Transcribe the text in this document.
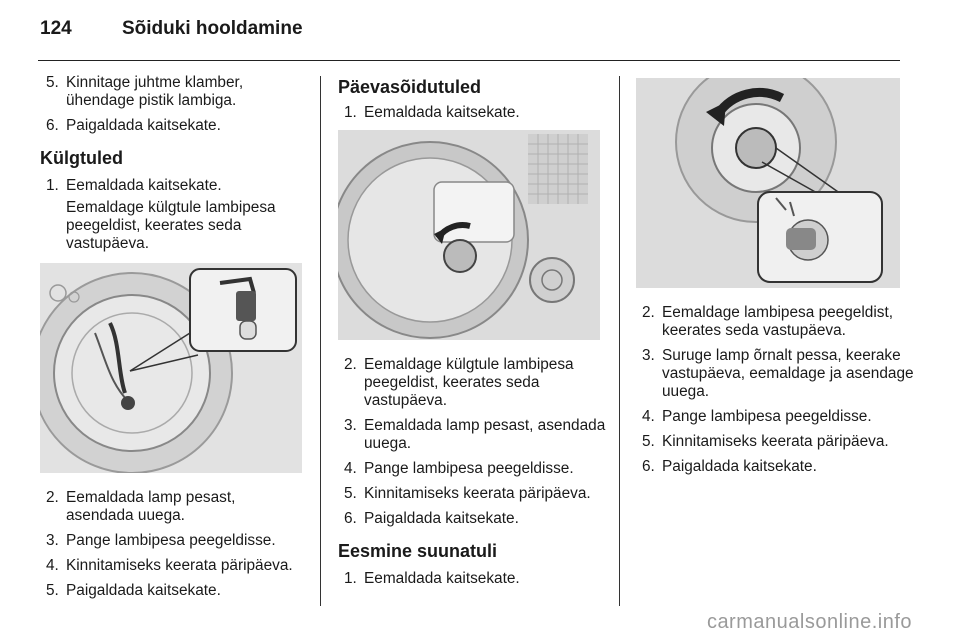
124	Sõiduki hooldamine
5. Kinnitage juhtme klamber, ühendage pistik lambiga.
6. Paigaldada kaitsekate.
Külgtuled
1. Eemaldada kaitsekate.
Eemaldage külgtule lambipesa peegeldist, keerates seda vastupäeva.
2. Eemaldada lamp pesast, asendada uuega.
3. Pange lambipesa peegeldisse.
4. Kinnitamiseks keerata päripäeva.
5. Paigaldada kaitsekate.
Päevasõidutuled
1. Eemaldada kaitsekate.
2. Eemaldage külgtule lambipesa peegeldist, keerates seda vastupäeva.
3. Eemaldada lamp pesast, asendada uuega.
4. Pange lambipesa peegeldisse.
5. Kinnitamiseks keerata päripäeva.
6. Paigaldada kaitsekate.
Eesmine suunatuli
1. Eemaldada kaitsekate.
2. Eemaldage lambipesa peegeldist, keerates seda vastupäeva.
3. Suruge lamp õrnalt pessa, keerake vastupäeva, eemaldage ja asendage uuega.
4. Pange lambipesa peegeldisse.
5. Kinnitamiseks keerata päripäeva.
6. Paigaldada kaitsekate.
carmanualsonline.info
